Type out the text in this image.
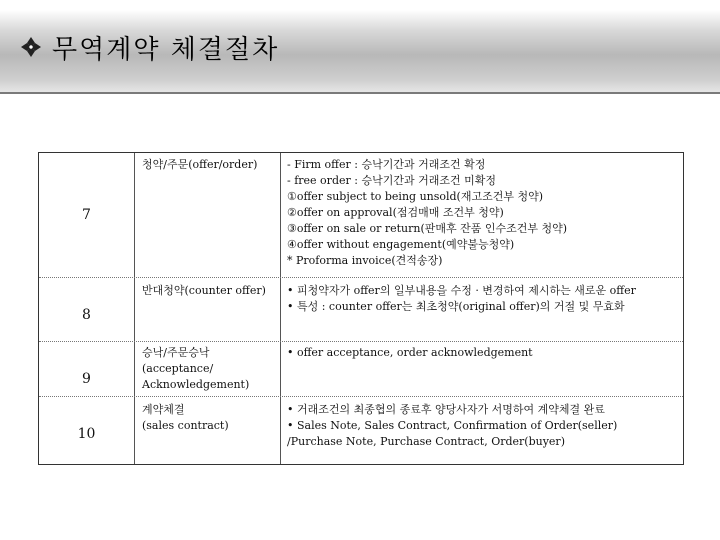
무역계약 체결절차
7
청약/주문(offer/order)	- Firm offer : 승낙기간과 거래조건 확정
- free order : 승낙기간과 거래조건 미확정
①offer subject to being unsold(재고조건부 청약)
②offer on approval(점검매매 조건부 청약)
③offer on sale or return(판매후 잔품 인수조건부 청약)
④offer without engagement(예약불능청약)
* Proforma invoice(견적송장)
8
반대청약(counter offer)	• 피청약자가 offer의 일부내용을 수정 · 변경하여 제시하는 새로운 offer
• 특성 : counter offer는 최초청약(original offer)의 거절 및 무효화
9
승낙/주문승낙
(acceptance/
Acknowledgement)
• offer acceptance, order acknowledgement
10
계약체결
(sales contract)
• 거래조건의 최종협의 종료후 양당사자가 서명하여 계약체결 완료
• Sales Note, Sales Contract, Confirmation of Order(seller)
/Purchase Note, Purchase Contract, Order(buyer)
